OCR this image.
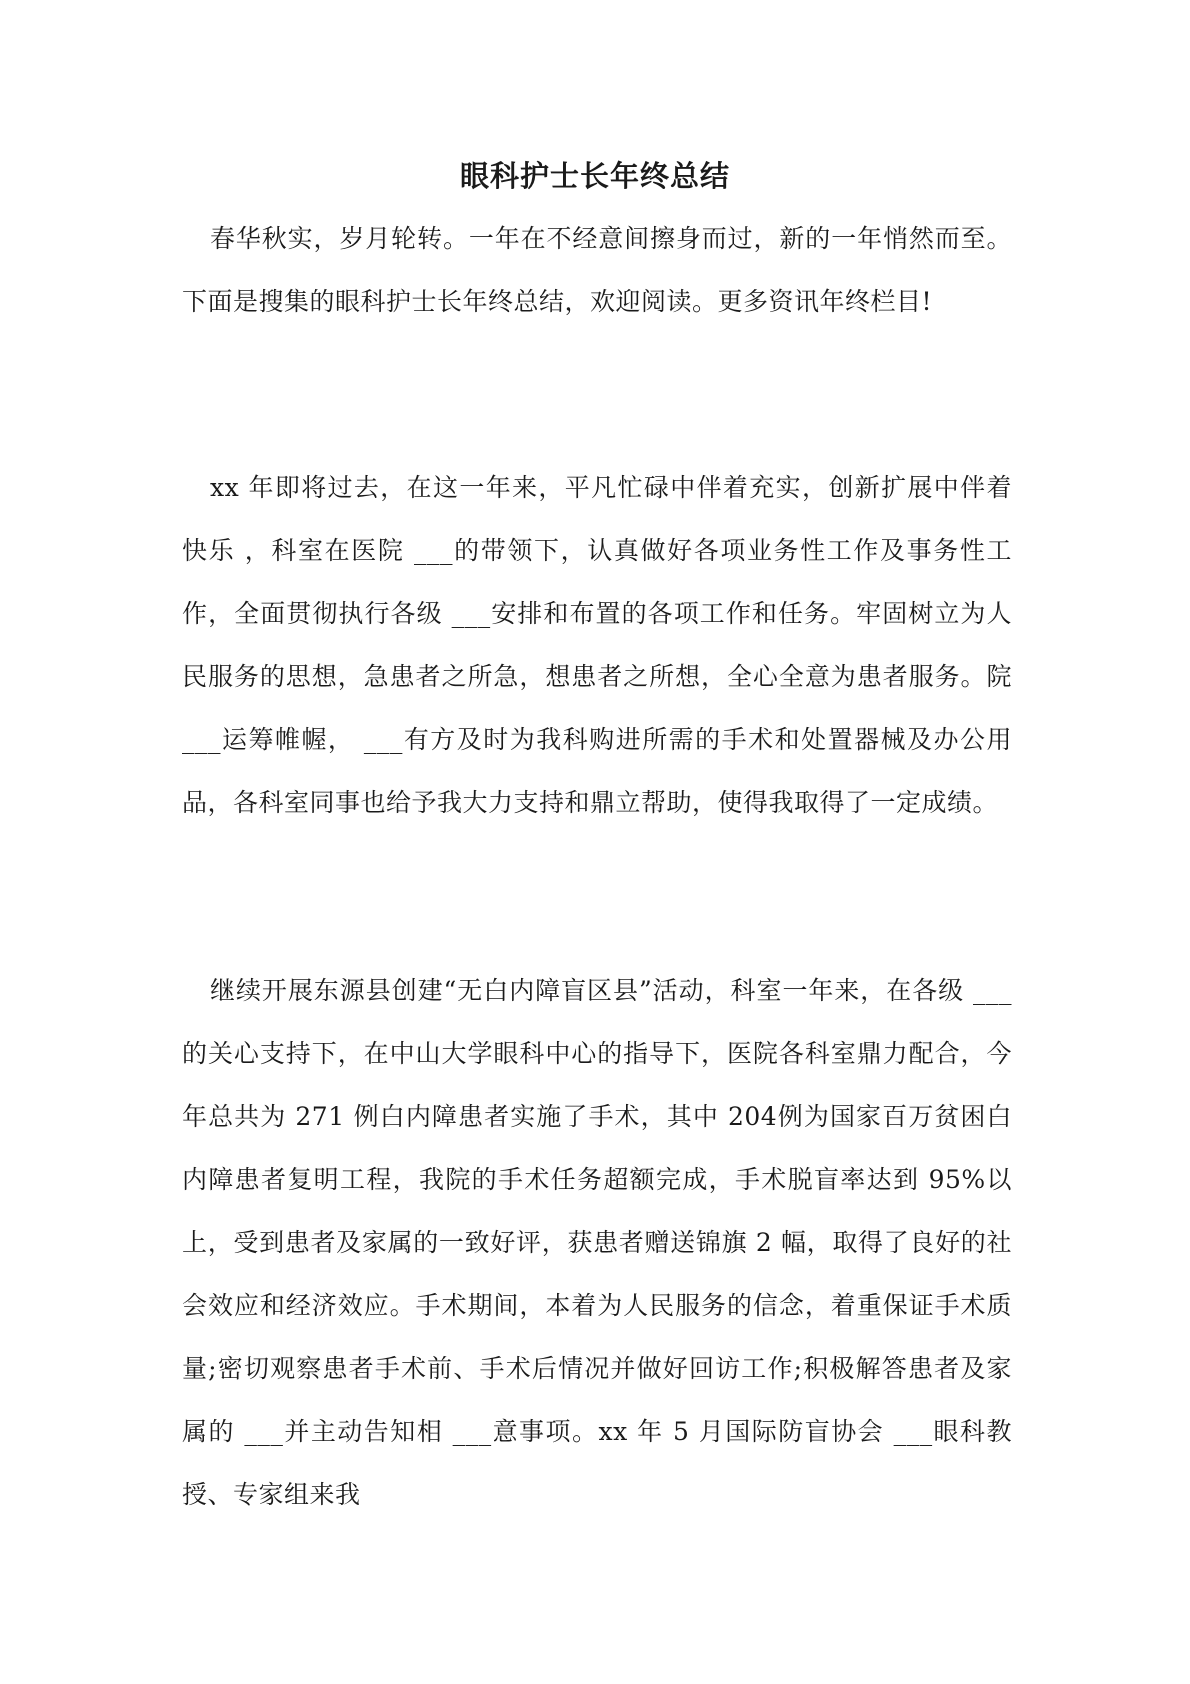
眼科护士长年终总结

春华秋实，岁月轮转。一年在不经意间擦身而过，新的一年悄然而至。下面是搜集的眼科护士长年终总结，欢迎阅读。更多资讯年终栏目!

xx 年即将过去，在这一年来，平凡忙碌中伴着充实，创新扩展中伴着快乐 ，科室在医院 ___的带领下，认真做好各项业务性工作及事务性工作，全面贯彻执行各级 ___安排和布置的各项工作和任务。牢固树立为人民服务的思想，急患者之所急，想患者之所想，全心全意为患者服务。院 ___运筹帷幄， ___有方及时为我科购进所需的手术和处置器械及办公用品，各科室同事也给予我大力支持和鼎立帮助，使得我取得了一定成绩。

继续开展东源县创建“无白内障盲区县”活动，科室一年来，在各级 ___的关心支持下，在中山大学眼科中心的指导下，医院各科室鼎力配合，今年总共为 271 例白内障患者实施了手术，其中 204例为国家百万贫困白内障患者复明工程，我院的手术任务超额完成，手术脱盲率达到 95%以上，受到患者及家属的一致好评，获患者赠送锦旗 2 幅，取得了良好的社会效应和经济效应。手术期间，本着为人民服务的信念，着重保证手术质量;密切观察患者手术前、手术后情况并做好回访工作;积极解答患者及家属的 ___并主动告知相 ___意事项。xx 年 5 月国际防盲协会 ___眼科教授、专家组来我
